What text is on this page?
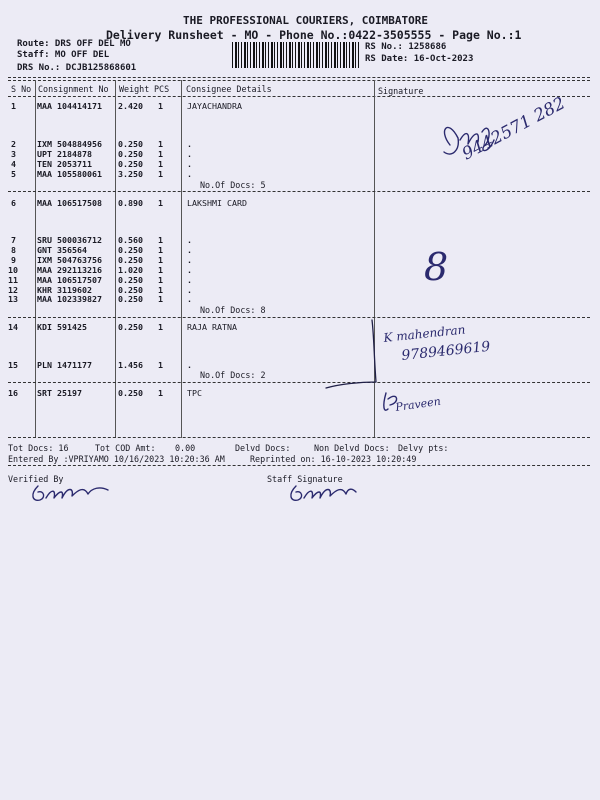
THE PROFESSIONAL COURIERS, COIMBATORE
Delivery Runsheet - MO - Phone No.:0422-3505555 - Page No.:1
Route: DRS OFF DEL MO
Staff: MO OFF DEL
DRS No.: DCJB125868601
RS No.: 1258686
RS Date: 16-Oct-2023
S No Consignment No Weight PCS Consignee Details	Signature
1	MAA 104414171 2.420 1	JAYACHANDRA
2	IXM 504884956 0.250 1	.
3	UPT 2184878	0.250 1	.
4	TEN 2053711	0.250 1	.
5	MAA 105580061 3.250 1	.
No.Of Docs: 5
6	MAA 106517508 0.890 1	LAKSHMI CARD
7	SRU 500036712 0.560 1	.
8	GNT 356564	0.250 1	.
9	IXM 504763756 0.250 1	.
10 MAA 292113216 1.020 1	.
11 MAA 106517507 0.250 1	.
12 KHR 3119602	0.250 1	.
13 MAA 102339827 0.250 1	.
No.Of Docs: 8
14 KDI 591425	0.250 1	RAJA RATNA
15 PLN 1471177	1.456 1	.
No.Of Docs: 2
16 SRT 25197	0.250 1	TPC
Tot Docs: 16	Tot COD Amt: 0.00	Delvd Docs:	Non Delvd Docs: Delvy pts:
Entered By :VPRIYAMO 10/16/2023 10:20:36 AM	Reprinted on: 16-10-2023 10:20:49
Verified By	Staff Signature
9442571 282
8
K mahendran
9789469619
Praveen
